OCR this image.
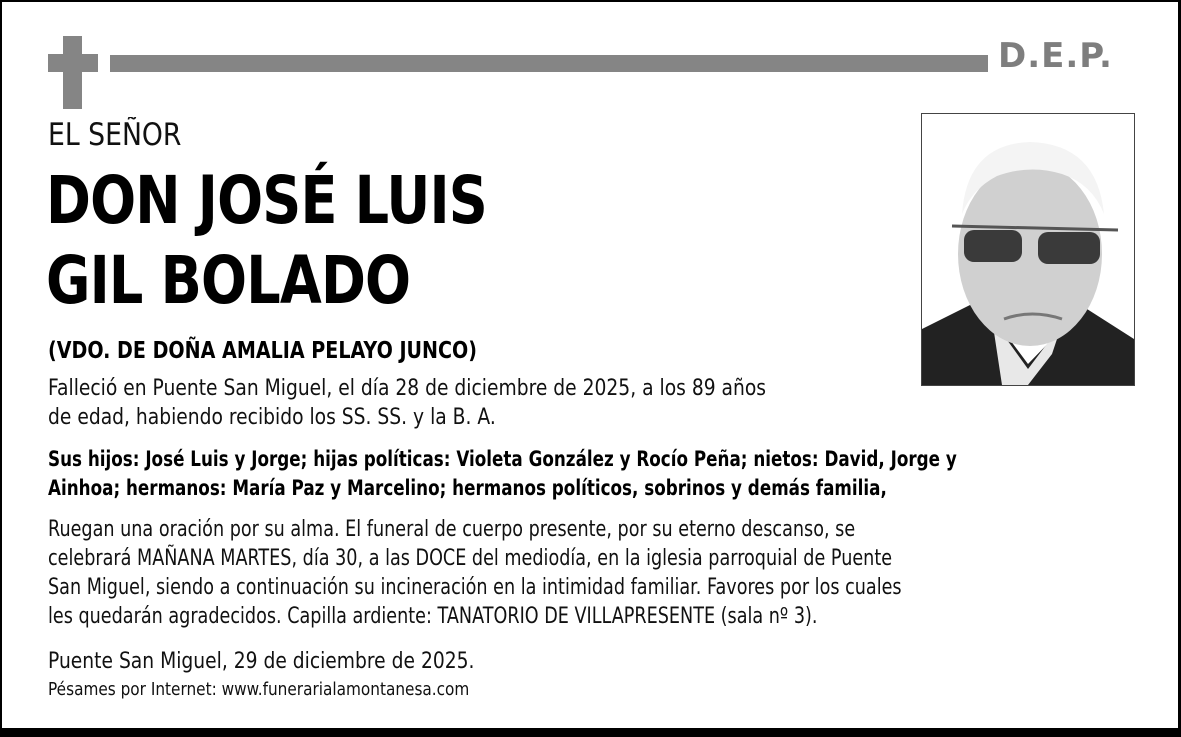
D.E.P.
EL SEÑOR
DON JOSÉ LUIS
GIL BOLADO
(VDO. DE DOÑA AMALIA PELAYO JUNCO)
Falleció en Puente San Miguel, el día 28 de diciembre de 2025, a los 89 años
de edad, habiendo recibido los SS. SS. y la B. A.
Sus hijos: José Luis y Jorge; hijas políticas: Violeta González y Rocío Peña; nietos: David, Jorge y
Ainhoa; hermanos: María Paz y Marcelino; hermanos políticos, sobrinos y demás familia,
Ruegan una oración por su alma. El funeral de cuerpo presente, por su eterno descanso, se
celebrará MAÑANA MARTES, día 30, a las DOCE del mediodía, en la iglesia parroquial de Puente
San Miguel, siendo a continuación su incineración en la intimidad familiar. Favores por los cuales
les quedarán agradecidos. Capilla ardiente: TANATORIO DE VILLAPRESENTE (sala nº 3).
Puente San Miguel, 29 de diciembre de 2025.
Pésames por Internet: www.funerarialamontanesa.com
